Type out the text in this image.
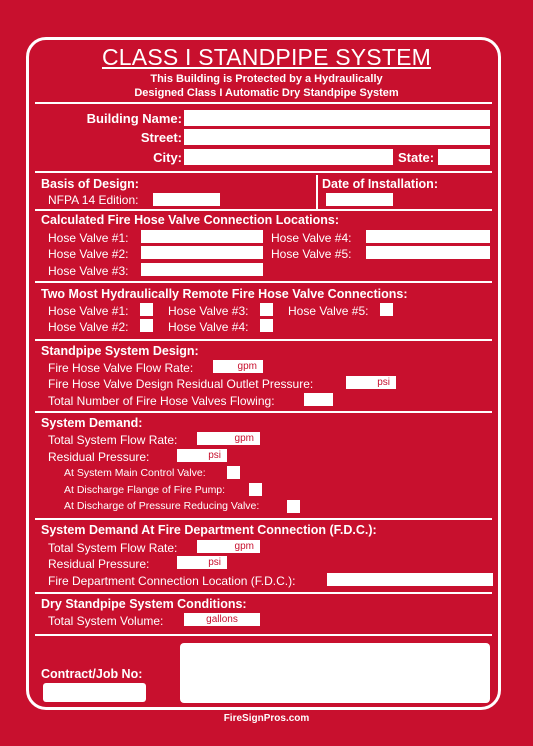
CLASS I STANDPIPE SYSTEM
This Building is Protected by a Hydraulically
Designed Class I Automatic Dry Standpipe System
Building Name:
Street:
City:	State:
Basis of Design:
NFPA 14 Edition:
Date of Installation:
Calculated Fire Hose Valve Connection Locations:
Hose Valve #1:
Hose Valve #2:
Hose Valve #3:
Hose Valve #4:
Hose Valve #5:
Two Most Hydraulically Remote Fire Hose Valve Connections:
Hose Valve #1:	Hose Valve #3:	Hose Valve #5:
Hose Valve #2:	Hose Valve #4:
Standpipe System Design:
Fire Hose Valve Flow Rate:	gpm
Fire Hose Valve Design Residual Outlet Pressure:	psi
Total Number of Fire Hose Valves Flowing:
System Demand:
Total System Flow Rate:	gpm
Residual Pressure:	psi
At System Main Control Valve:
At Discharge Flange of Fire Pump:
At Discharge of Pressure Reducing Valve:
System Demand At Fire Department Connection (F.D.C.):
Total System Flow Rate:	gpm
Residual Pressure:	psi
Fire Department Connection Location (F.D.C.):
Dry Standpipe System Conditions:
Total System Volume:	gallons
Contract/Job No:
FireSignPros.com
